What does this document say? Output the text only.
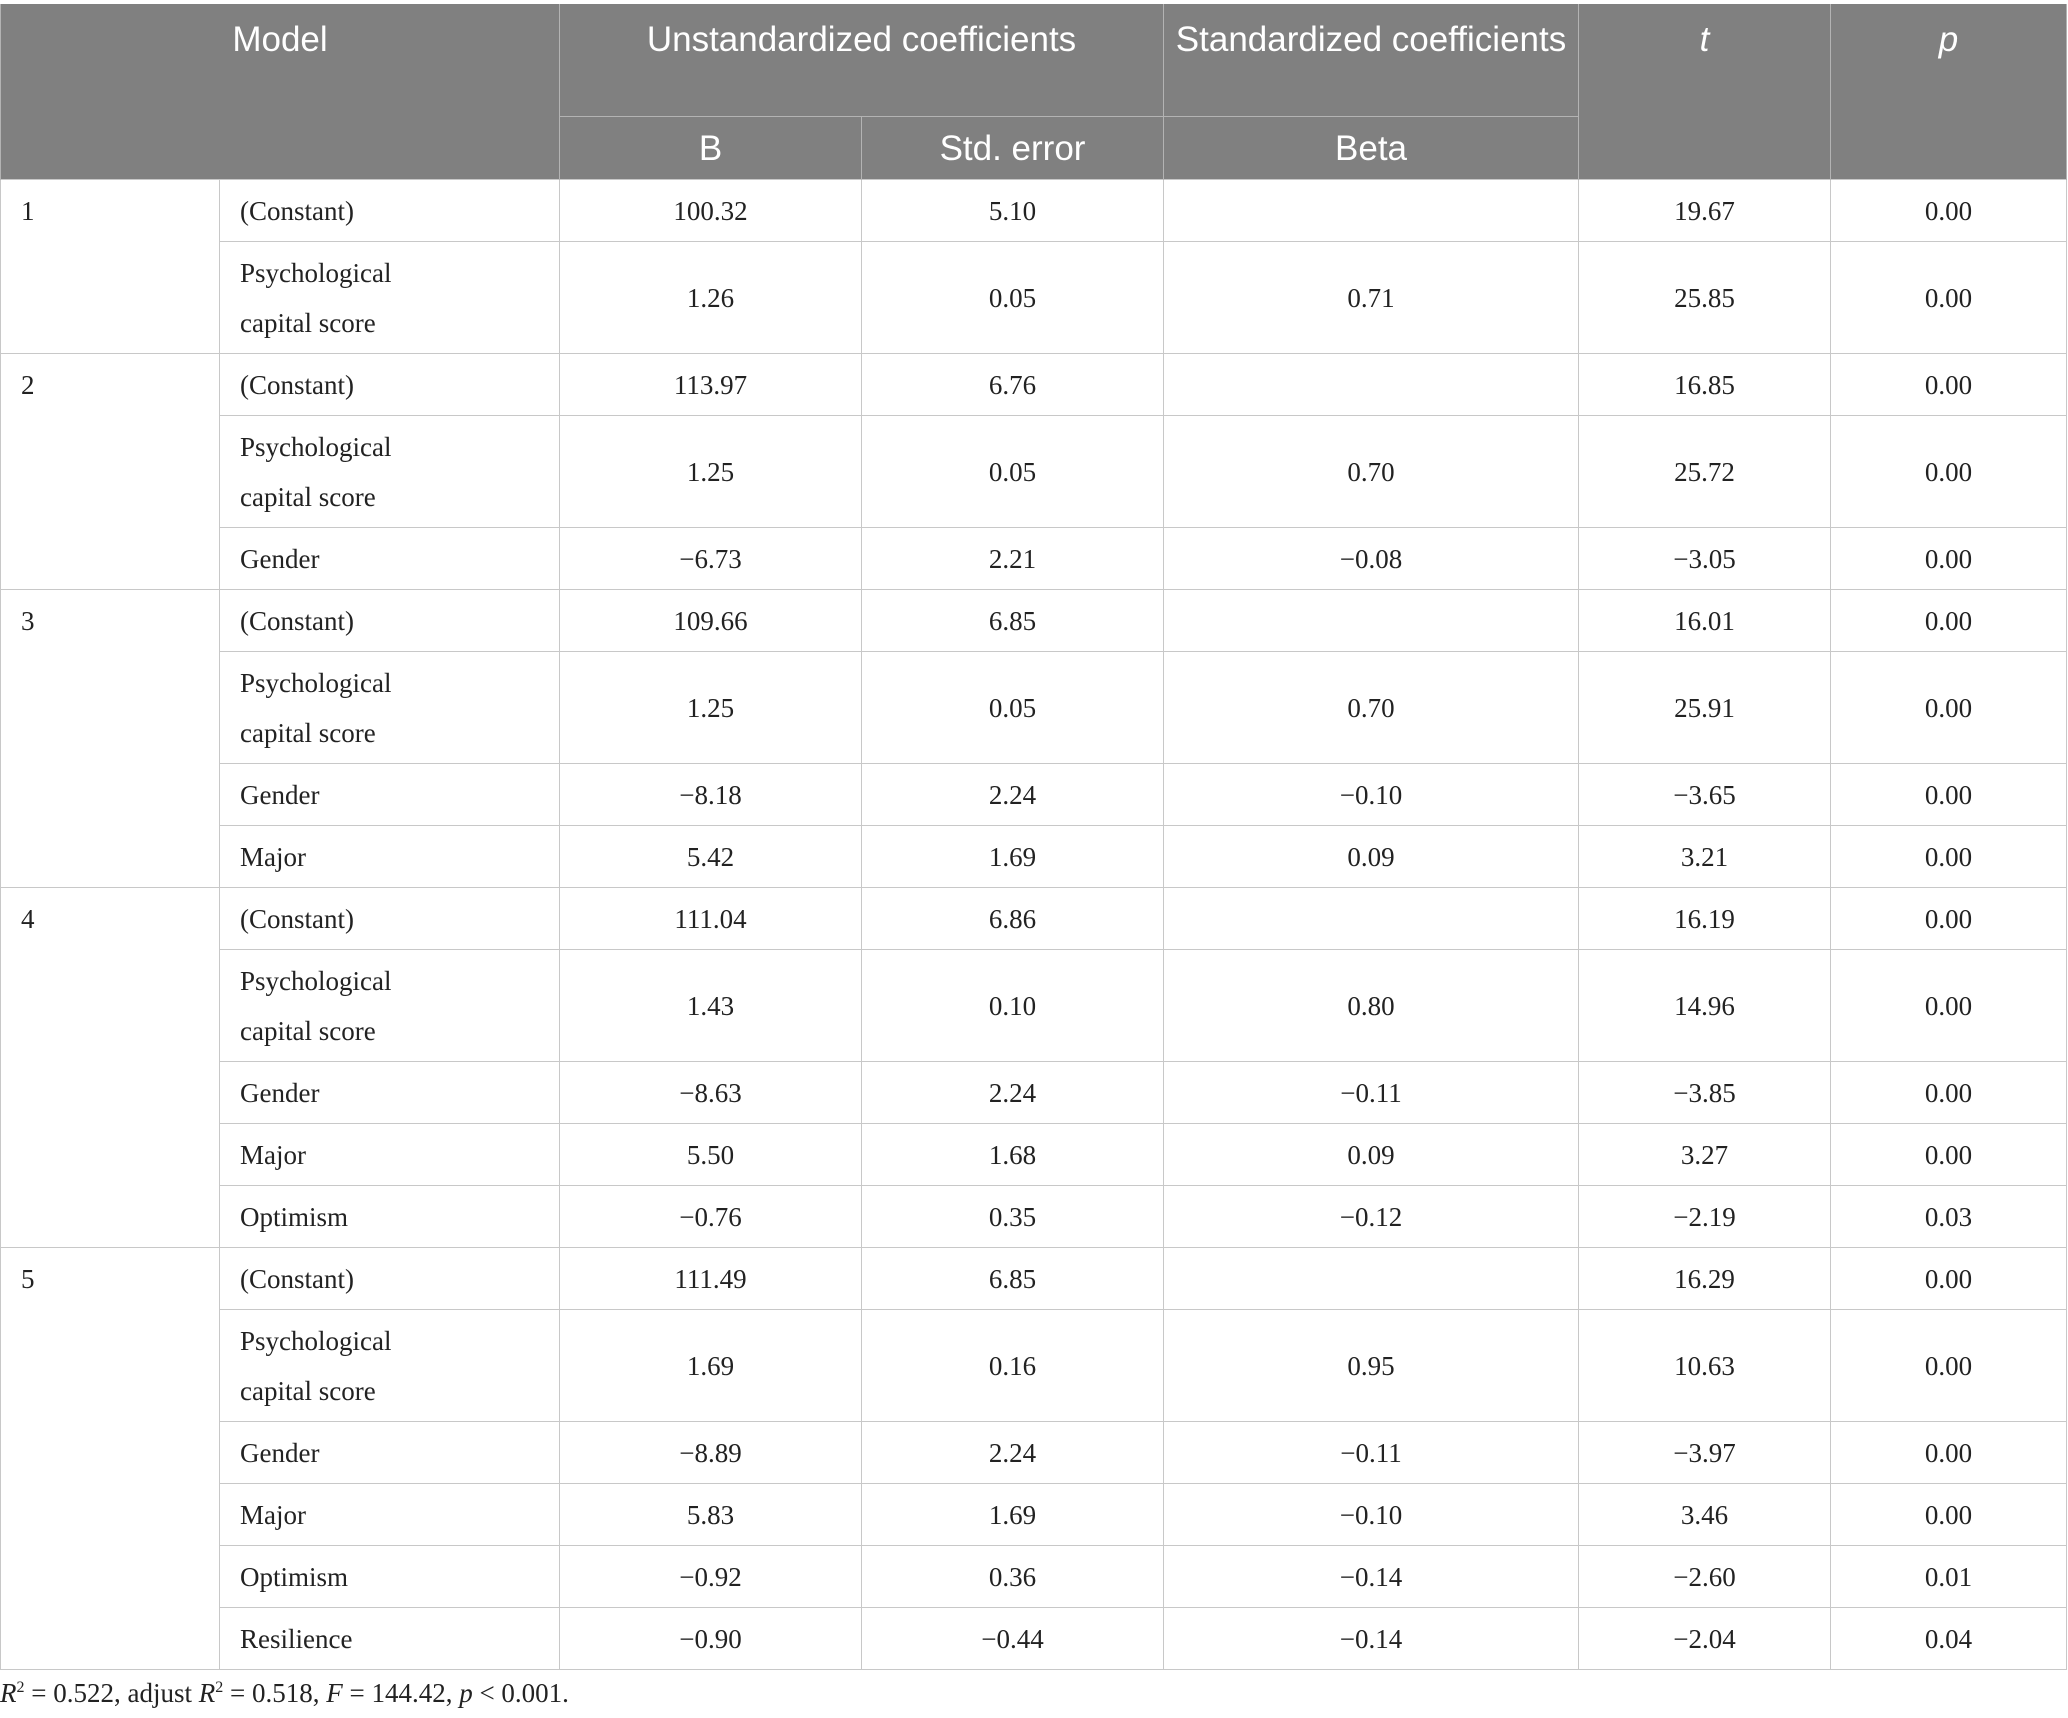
Model		Unstandardized coefficients		Standardized coefficients	t	p
		B	Std. error	Beta		
1	(Constant)	100.32	5.10		19.67	0.00
	Psychological capital score	1.26	0.05	0.71	25.85	0.00
2	(Constant)	113.97	6.76		16.85	0.00
	Psychological capital score	1.25	0.05	0.70	25.72	0.00
	Gender	−6.73	2.21	−0.08	−3.05	0.00
3	(Constant)	109.66	6.85		16.01	0.00
	Psychological capital score	1.25	0.05	0.70	25.91	0.00
	Gender	−8.18	2.24	−0.10	−3.65	0.00
	Major	5.42	1.69	0.09	3.21	0.00
4	(Constant)	111.04	6.86		16.19	0.00
	Psychological capital score	1.43	0.10	0.80	14.96	0.00
	Gender	−8.63	2.24	−0.11	−3.85	0.00
	Major	5.50	1.68	0.09	3.27	0.00
	Optimism	−0.76	0.35	−0.12	−2.19	0.03
5	(Constant)	111.49	6.85		16.29	0.00
	Psychological capital score	1.69	0.16	0.95	10.63	0.00
	Gender	−8.89	2.24	−0.11	−3.97	0.00
	Major	5.83	1.69	−0.10	3.46	0.00
	Optimism	−0.92	0.36	−0.14	−2.60	0.01
	Resilience	−0.90	−0.44	−0.14	−2.04	0.04
$R^2 = 0.522$, adjust $R^2 = 0.518$, F = 144.42, p < 0.001.
